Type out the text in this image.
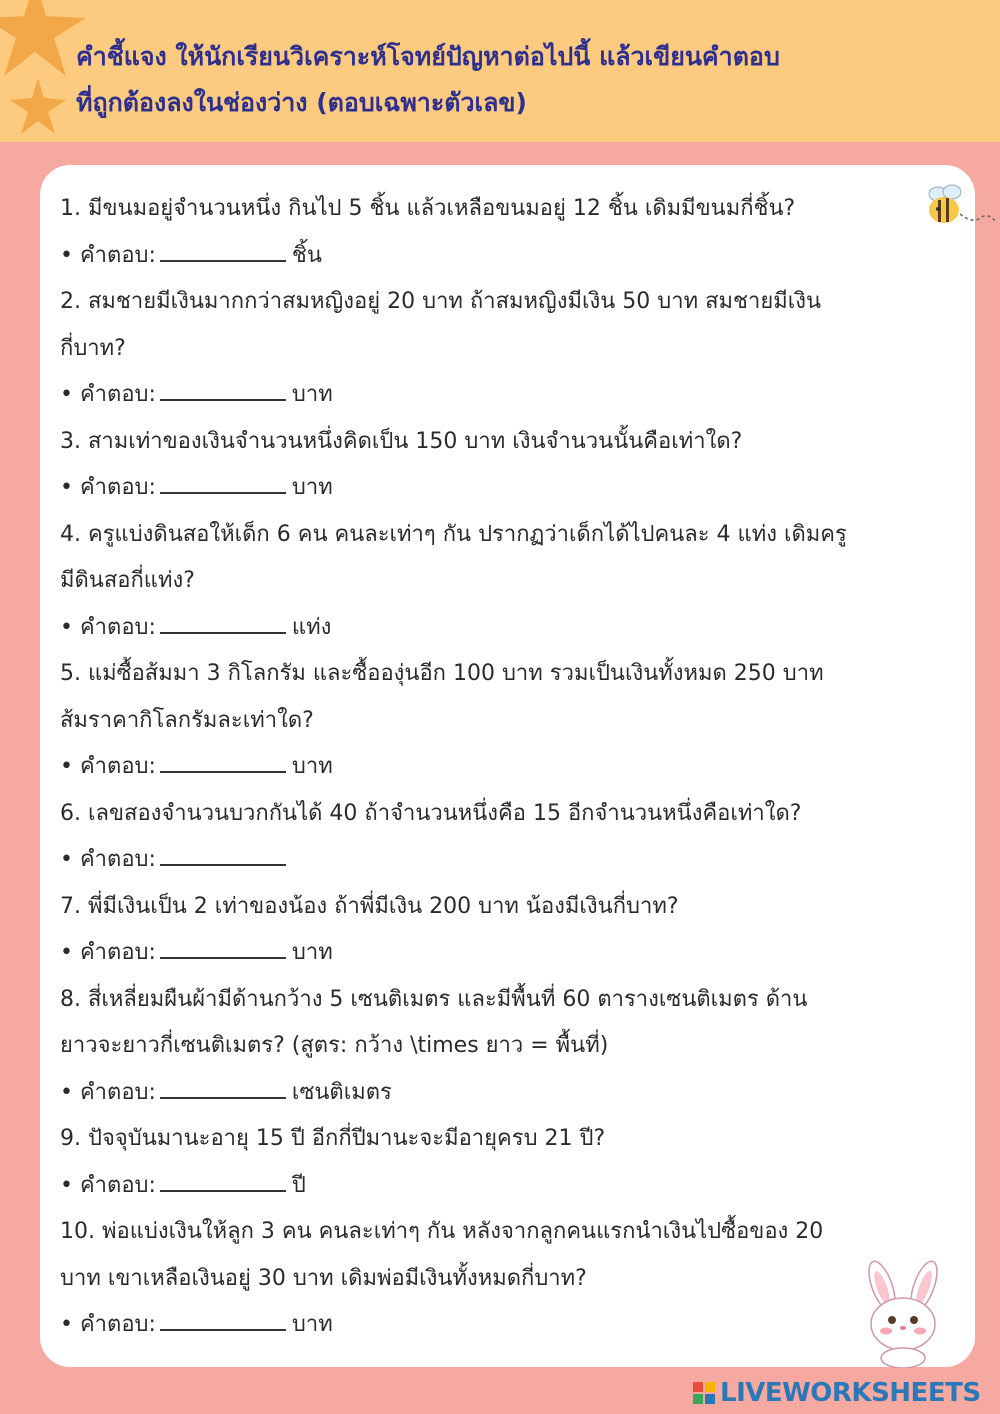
คำชี้แจง ให้นักเรียนวิเคราะห์โจทย์ปัญหาต่อไปนี้ แล้วเขียนคำตอบ
ที่ถูกต้องลงในช่องว่าง (ตอบเฉพาะตัวเลข)
1. มีขนมอยู่จำนวนหนึ่ง กินไป 5 ชิ้น แล้วเหลือขนมอยู่ 12 ชิ้น เดิมมีขนมกี่ชิ้น?
• คำตอบ:	ชิ้น
2. สมชายมีเงินมากกว่าสมหญิงอยู่ 20 บาท ถ้าสมหญิงมีเงิน 50 บาท สมชายมีเงิน
กี่บาท?
• คำตอบ:	บาท
3. สามเท่าของเงินจำนวนหนึ่งคิดเป็น 150 บาท เงินจำนวนนั้นคือเท่าใด?
• คำตอบ:	บาท
4. ครูแบ่งดินสอให้เด็ก 6 คน คนละเท่าๆ กัน ปรากฏว่าเด็กได้ไปคนละ 4 แท่ง เดิมครู
มีดินสอกี่แท่ง?
• คำตอบ:	แท่ง
5. แม่ซื้อส้มมา 3 กิโลกรัม และซื้อองุ่นอีก 100 บาท รวมเป็นเงินทั้งหมด 250 บาท
ส้มราคากิโลกรัมละเท่าใด?
• คำตอบ:	บาท
6. เลขสองจำนวนบวกกันได้ 40 ถ้าจำนวนหนึ่งคือ 15 อีกจำนวนหนึ่งคือเท่าใด?
• คำตอบ:
7. พี่มีเงินเป็น 2 เท่าของน้อง ถ้าพี่มีเงิน 200 บาท น้องมีเงินกี่บาท?
• คำตอบ:	บาท
8. สี่เหลี่ยมผืนผ้ามีด้านกว้าง 5 เซนติเมตร และมีพื้นที่ 60 ตารางเซนติเมตร ด้าน
ยาวจะยาวกี่เซนติเมตร? (สูตร: กว้าง \times ยาว = พื้นที่)
• คำตอบ:	เซนติเมตร
9. ปัจจุบันมานะอายุ 15 ปี อีกกี่ปีมานะจะมีอายุครบ 21 ปี?
• คำตอบ:	ปี
10. พ่อแบ่งเงินให้ลูก 3 คน คนละเท่าๆ กัน หลังจากลูกคนแรกนำเงินไปซื้อของ 20
บาท เขาเหลือเงินอยู่ 30 บาท เดิมพ่อมีเงินทั้งหมดกี่บาท?
• คำตอบ:	บาท
LIVEWORKSHEETS
